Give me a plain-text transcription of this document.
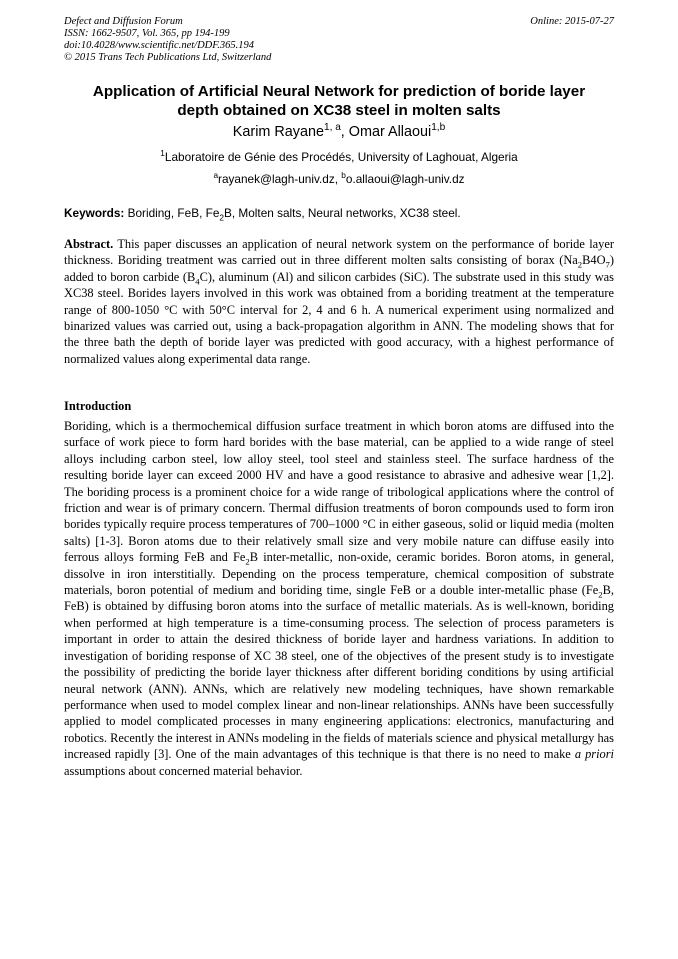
Defect and Diffusion Forum
ISSN: 1662-9507, Vol. 365, pp 194-199
doi:10.4028/www.scientific.net/DDF.365.194
© 2015 Trans Tech Publications Ltd, Switzerland
Online: 2015-07-27
Application of Artificial Neural Network for prediction of boride layer
depth obtained on XC38 steel in molten salts
Karim Rayane$^{1, a}$, Omar Allaoui$^{1,b}$
$^1$Laboratoire de Génie des Procédés, University of Laghouat, Algeria
$^a$rayanek@lagh-univ.dz, $^b$o.allaoui@lagh-univ.dz
Keywords: Boriding, FeB, $Fe_2B$, Molten salts, Neural networks, XC38 steel.
Abstract. This paper discusses an application of neural network system on the performance of boride layer thickness. Boriding treatment was carried out in three different molten salts consisting of borax $(Na_2B4O_7)$ added to boron carbide $(B_4C)$, aluminum (Al) and silicon carbides (SiC). The substrate used in this study was XC38 steel. Borides layers involved in this work was obtained from a boriding treatment at the temperature range of 800-1050 °C with 50°C interval for 2, 4 and 6 h. A numerical experiment using normalized and binarized values was carried out, using a back-propagation algorithm in ANN. The modeling shows that for the three bath the depth of boride layer was predicted with good accuracy, with a highest performance of normalized values along experimental data range.
Introduction
Boriding, which is a thermochemical diffusion surface treatment in which boron atoms are diffused into the surface of work piece to form hard borides with the base material, can be applied to a wide range of steel alloys including carbon steel, low alloy steel, tool steel and stainless steel. The surface hardness of the resulting boride layer can exceed 2000 HV and have a good resistance to abrasive and adhesive wear [1,2]. The boriding process is a prominent choice for a wide range of tribological applications where the control of friction and wear is of primary concern. Thermal diffusion treatments of boron compounds used to form iron borides typically require process temperatures of 700–1000 °C in either gaseous, solid or liquid media (molten salts) [1-3]. Boron atoms due to their relatively small size and very mobile nature can diffuse easily into ferrous alloys forming FeB and $Fe_2B$ inter-metallic, non-oxide, ceramic borides. Boron atoms, in general, dissolve in iron interstitially. Depending on the process temperature, chemical composition of substrate materials, boron potential of medium and boriding time, single FeB or a double inter-metallic phase ($Fe_2B$, FeB) is obtained by diffusing boron atoms into the surface of metallic materials. As is well-known, boriding when performed at high temperature is a time-consuming process. The selection of process parameters is important in order to attain the desired thickness of boride layer and hardness variations. In addition to investigation of boriding response of XC 38 steel, one of the objectives of the present study is to investigate the possibility of predicting the boride layer thickness after different boriding conditions by using artificial neural network (ANN). ANNs, which are relatively new modeling techniques, have shown remarkable performance when used to model complex linear and non-linear relationships. ANNs have been successfully applied to model complicated processes in many engineering applications: electronics, manufacturing and robotics. Recently the interest in ANNs modeling in the fields of materials science and physical metallurgy has increased rapidly [3]. One of the main advantages of this technique is that there is no need to make a priori assumptions about concerned material behavior.
